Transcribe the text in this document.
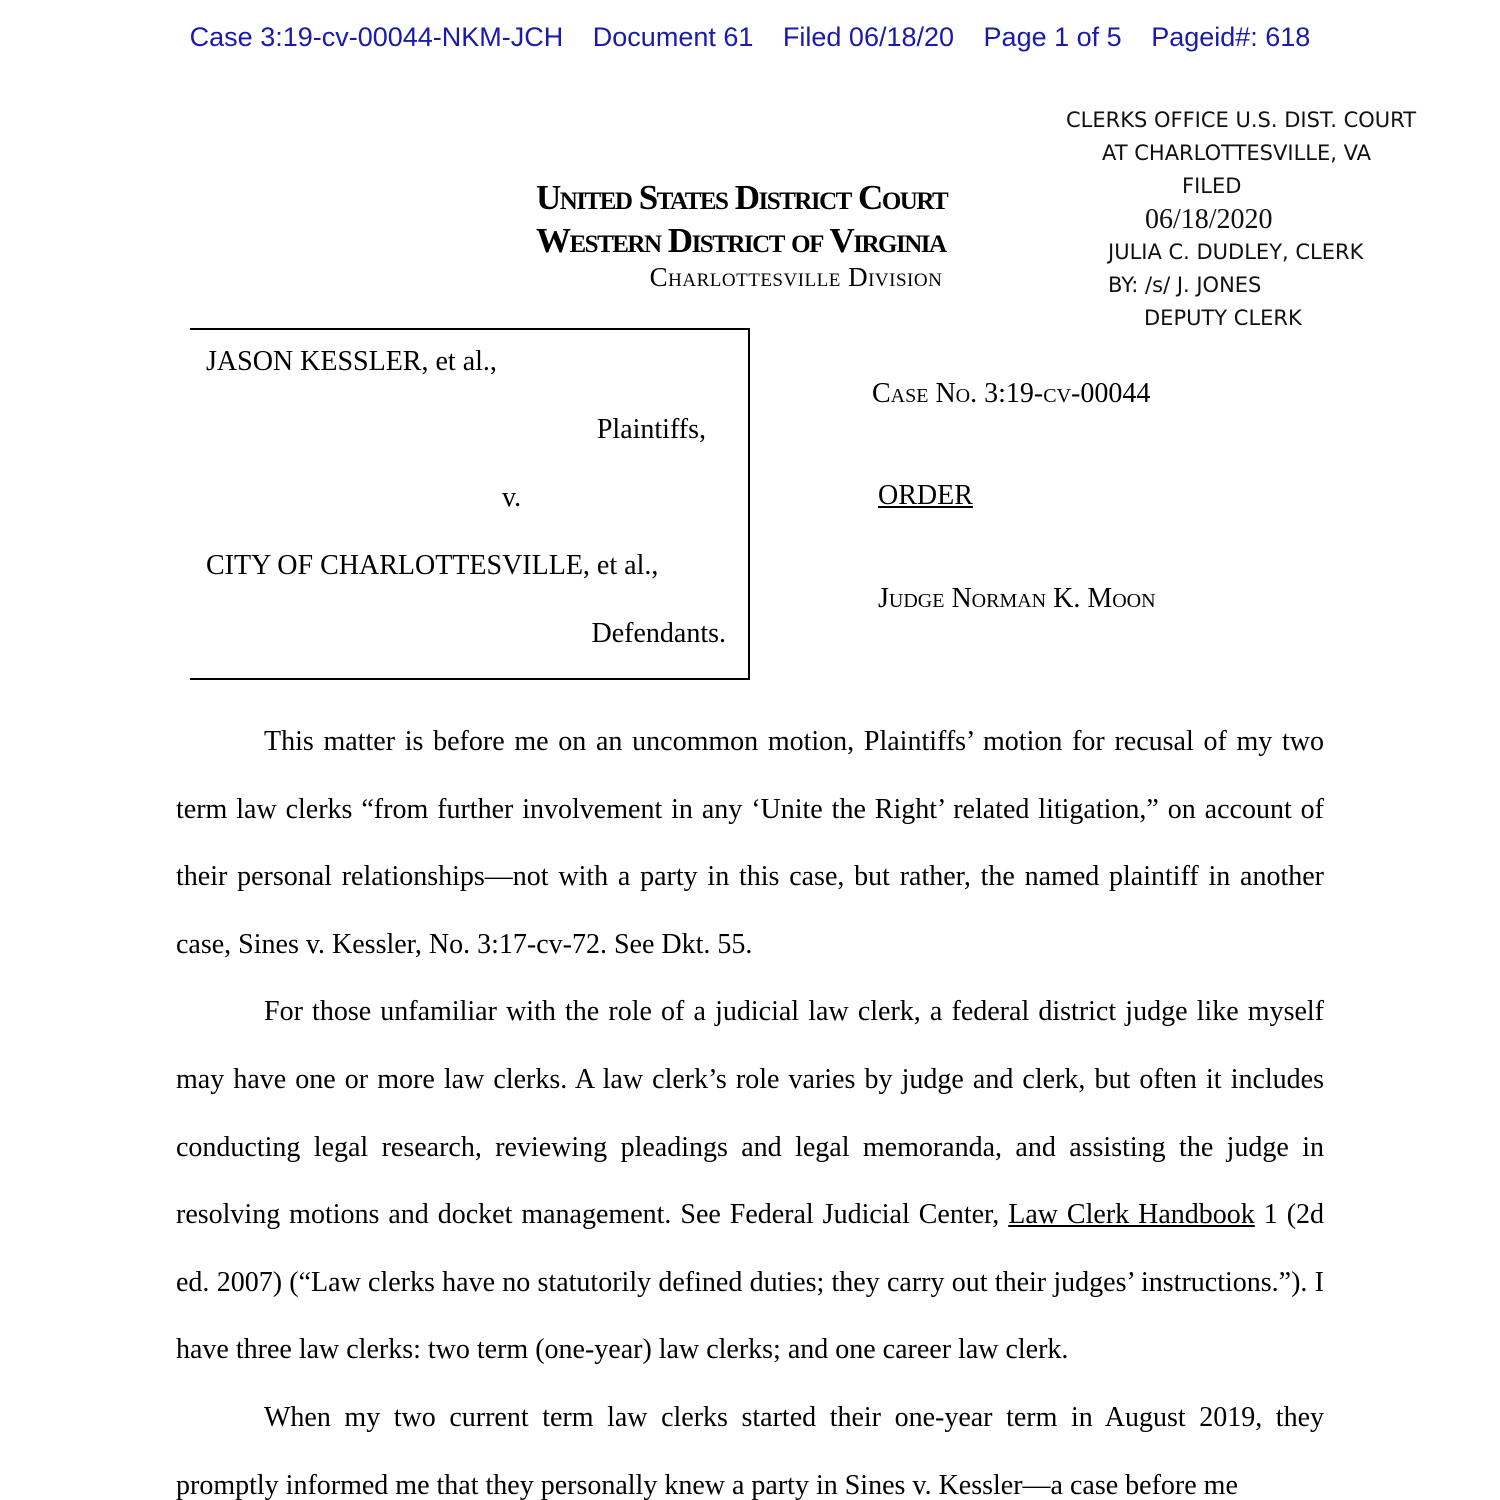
Case 3:19-cv-00044-NKM-JCH Document 61 Filed 06/18/20 Page 1 of 5 Pageid#: 618
CLERKS OFFICE U.S. DIST. COURT
AT CHARLOTTESVILLE, VA
FILED
06/18/2020
JULIA C. DUDLEY, CLERK
BY: /s/ J. JONES
DEPUTY CLERK
United States District Court
Western District of Virginia
Charlottesville Division
JASON KESSLER, et al.,
Plaintiffs,
v.
CITY OF CHARLOTTESVILLE, et al.,
Defendants.
Case No. 3:19-cv-00044
ORDER
Judge Norman K. Moon

This matter is before me on an uncommon motion, Plaintiffs’ motion for recusal of my two term law clerks “from further involvement in any ‘Unite the Right’ related litigation,” on account of their personal relationships—not with a party in this case, but rather, the named plaintiff in another case, Sines v. Kessler, No. 3:17-cv-72. See Dkt. 55.

For those unfamiliar with the role of a judicial law clerk, a federal district judge like myself may have one or more law clerks. A law clerk’s role varies by judge and clerk, but often it includes conducting legal research, reviewing pleadings and legal memoranda, and assisting the judge in resolving motions and docket management. See Federal Judicial Center, Law Clerk Handbook 1 (2d ed. 2007) (“Law clerks have no statutorily defined duties; they carry out their judges’ instructions.”). I have three law clerks: two term (one-year) law clerks; and one career law clerk.

When my two current term law clerks started their one-year term in August 2019, they promptly informed me that they personally knew a party in Sines v. Kessler—a case before me
